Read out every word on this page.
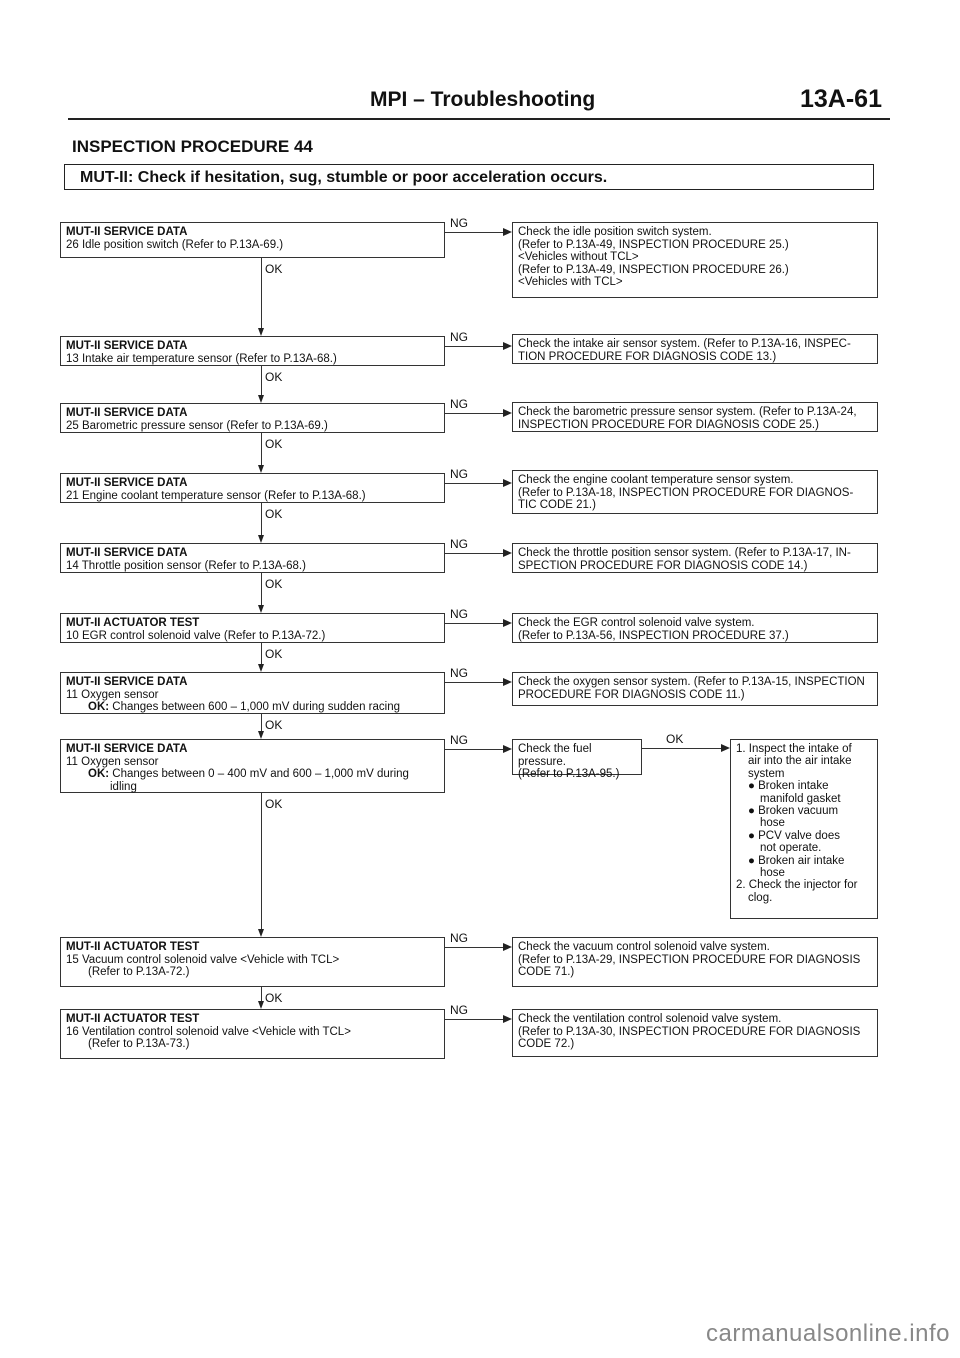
MPI – Troubleshooting	13A-61
INSPECTION PROCEDURE 44
MUT-II: Check if hesitation, sug, stumble or poor acceleration occurs.
MUT-II SERVICE DATA
26 Idle position switch (Refer to P.13A-69.)
NG
Check the idle position switch system.
(Refer to P.13A-49, INSPECTION PROCEDURE 25.)
<Vehicles without TCL>
(Refer to P.13A-49, INSPECTION PROCEDURE 26.)
<Vehicles with TCL>
OK
MUT-II SERVICE DATA
13 Intake air temperature sensor (Refer to P.13A-68.)
NG	Check the intake air sensor system. (Refer to P.13A-16, INSPEC-
TION PROCEDURE FOR DIAGNOSIS CODE 13.)
OK
MUT-II SERVICE DATA
25 Barometric pressure sensor (Refer to P.13A-69.)
NG
Check the barometric pressure sensor system. (Refer to P.13A-24,
INSPECTION PROCEDURE FOR DIAGNOSIS CODE 25.)
OK
MUT-II SERVICE DATA
21 Engine coolant temperature sensor (Refer to P.13A-68.)
NG	Check the engine coolant temperature sensor system.
(Refer to P.13A-18, INSPECTION PROCEDURE FOR DIAGNOS-
TIC CODE 21.)
OK
MUT-II SERVICE DATA
14 Throttle position sensor (Refer to P.13A-68.)
NG
Check the throttle position sensor system. (Refer to P.13A-17, IN-
SPECTION PROCEDURE FOR DIAGNOSIS CODE 14.)
OK
MUT-II ACTUATOR TEST
10 EGR control solenoid valve (Refer to P.13A-72.)
NG
Check the EGR control solenoid valve system.
(Refer to P.13A-56, INSPECTION PROCEDURE 37.)
OK
MUT-II SERVICE DATA
11 Oxygen sensor
OK: Changes between 600 – 1,000 mV during sudden racing
NG
Check the oxygen sensor system. (Refer to P.13A-15, INSPECTION
PROCEDURE FOR DIAGNOSIS CODE 11.)
OK
MUT-II SERVICE DATA
11 Oxygen sensor
OK: Changes between 0 – 400 mV and 600 – 1,000 mV during
idling
NG
Check the fuel pressure.
(Refer to P.13A-95.)
OK
MUT-II ACTUATOR TEST
15 Vacuum control solenoid valve <Vehicle with TCL>
(Refer to P.13A-72.)
NG
Check the vacuum control solenoid valve system.
(Refer to P.13A-29, INSPECTION PROCEDURE FOR DIAGNOSIS
CODE 71.)
OK
MUT-II ACTUATOR TEST
16 Ventilation control solenoid valve <Vehicle with TCL>
(Refer to P.13A-73.)
NG
Check the ventilation control solenoid valve system.
(Refer to P.13A-30, INSPECTION PROCEDURE FOR DIAGNOSIS
CODE 72.)
OK
1. Inspect the intake of
air into the air intake
system
● Broken intake
manifold gasket
● Broken vacuum
hose
● PCV valve does
not operate.
● Broken air intake
hose
2. Check the injector for
clog.
carmanualsonline.info
